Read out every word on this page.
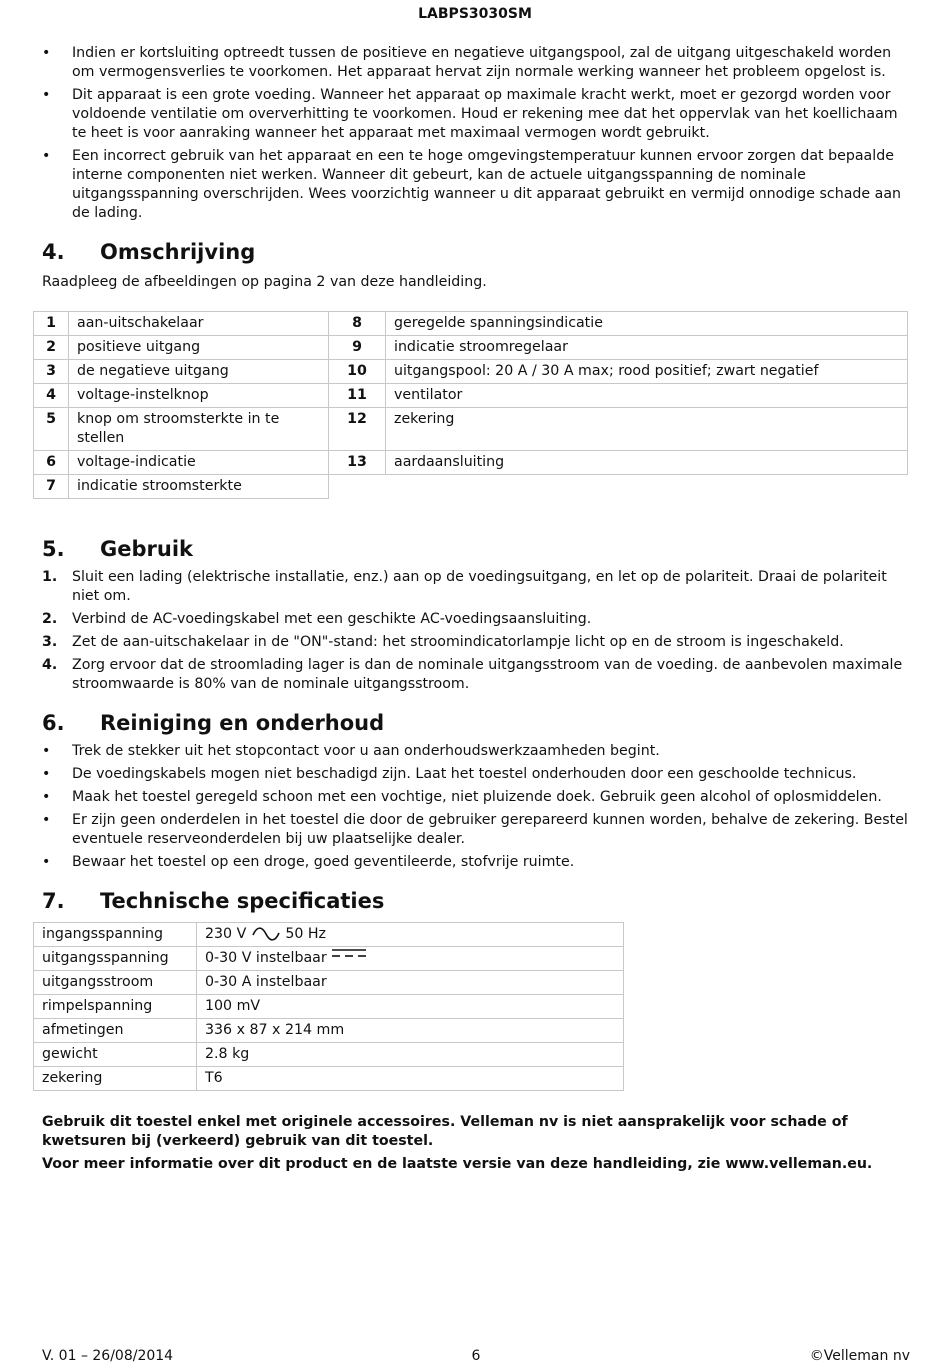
LABPS3030SM
• Indien er kortsluiting optreedt tussen de positieve en negatieve uitgangspool, zal de uitgang uitgeschakeld worden om vermogensverlies te voorkomen. Het apparaat hervat zijn normale werking wanneer het probleem opgelost is.
• Dit apparaat is een grote voeding. Wanneer het apparaat op maximale kracht werkt, moet er gezorgd worden voor voldoende ventilatie om oververhitting te voorkomen. Houd er rekening mee dat het oppervlak van het koellichaam te heet is voor aanraking wanneer het apparaat met maximaal vermogen wordt gebruikt.
• Een incorrect gebruik van het apparaat en een te hoge omgevingstemperatuur kunnen ervoor zorgen dat bepaalde interne componenten niet werken. Wanneer dit gebeurt, kan de actuele uitgangsspanning de nominale uitgangsspanning overschrijden. Wees voorzichtig wanneer u dit apparaat gebruikt en vermijd onnodige schade aan de lading.
4. Omschrijving

Raadpleeg de afbeeldingen op pagina 2 van deze handleiding.

1	aan-uitschakelaar	8	geregelde spanningsindicatie
2	positieve uitgang	9	indicatie stroomregelaar
3	de negatieve uitgang	10	uitgangspool: 20 A / 30 A max; rood positief; zwart negatief
4	voltage-instelknop	11	ventilator
5	knop om stroomsterkte in te stellen	12	zekering
6	voltage-indicatie	13	aardaansluiting
7	indicatie stroomsterkte		
5. Gebruik
1. Sluit een lading (elektrische installatie, enz.) aan op de voedingsuitgang, en let op de polariteit. Draai de polariteit niet om.
2. Verbind de AC-voedingskabel met een geschikte AC-voedingsaansluiting.
3. Zet de aan-uitschakelaar in de "ON"-stand: het stroomindicatorlampje licht op en de stroom is ingeschakeld.
4. Zorg ervoor dat de stroomlading lager is dan de nominale uitgangsstroom van de voeding. de aanbevolen maximale stroomwaarde is 80% van de nominale uitgangsstroom.
6. Reiniging en onderhoud
• Trek de stekker uit het stopcontact voor u aan onderhoudswerkzaamheden begint.
• De voedingskabels mogen niet beschadigd zijn. Laat het toestel onderhouden door een geschoolde technicus.
• Maak het toestel geregeld schoon met een vochtige, niet pluizende doek. Gebruik geen alcohol of oplosmiddelen.
• Er zijn geen onderdelen in het toestel die door de gebruiker gerepareerd kunnen worden, behalve de zekering. Bestel eventuele reserveonderdelen bij uw plaatselijke dealer.
• Bewaar het toestel op een droge, goed geventileerde, stofvrije ruimte.
7. Technische specificaties
ingangsspanning	230 V 50 Hz
uitgangsspanning	0-30 V instelbaar
uitgangsstroom	0-30 A instelbaar
rimpelspanning	100 mV
afmetingen	336 x 87 x 214 mm
gewicht	2.8 kg
zekering	T6

Gebruik dit toestel enkel met originele accessoires. Velleman nv is niet aansprakelijk voor schade of kwetsuren bij (verkeerd) gebruik van dit toestel.

Voor meer informatie over dit product en de laatste versie van deze handleiding, zie www.velleman.eu.

V. 01 – 26/08/2014	6	©Velleman nv
